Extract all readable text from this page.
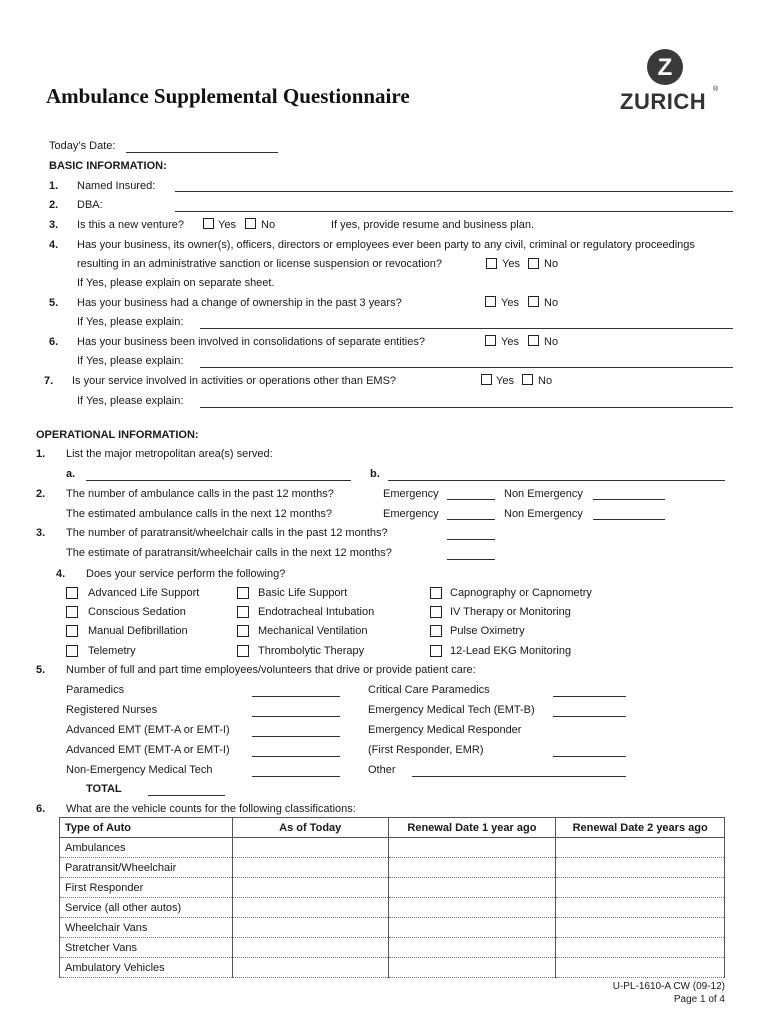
Ambulance Supplemental Questionnaire
Z
ZURICH ®
Today’s Date:
BASIC INFORMATION:
1. Named Insured:
2. DBA:
3. Is this a new venture?	Yes No	If yes, provide resume and business plan.
4. Has your business, its owner(s), officers, directors or employees ever been party to any civil, criminal or regulatory proceedings
resulting in an administrative sanction or license suspension or revocation?	Yes No
If Yes, please explain on separate sheet.
5. Has your business had a change of ownership in the past 3 years?	Yes No
If Yes, please explain:
6. Has your business been involved in consolidations of separate entities?	Yes No
If Yes, please explain:
7. Is your service involved in activities or operations other than EMS?	Yes No
If Yes, please explain:
OPERATIONAL INFORMATION:
1. List the major metropolitan area(s) served:
a.	b.
2. The number of ambulance calls in the past 12 months?	Emergency	Non Emergency
The estimated ambulance calls in the next 12 months?	Emergency	Non Emergency
3. The number of paratransit/wheelchair calls in the past 12 months?
The estimate of paratransit/wheelchair calls in the next 12 months?
4. Does your service perform the following?
Advanced Life Support
Conscious Sedation
Manual Defibrillation
Telemetry
Basic Life Support
Endotracheal Intubation
Mechanical Ventilation
Thrombolytic Therapy
Capnography or Capnometry
IV Therapy or Monitoring
Pulse Oximetry
12-Lead EKG Monitoring
5. Number of full and part time employees/volunteers that drive or provide patient care:
Paramedics
Registered Nurses
Advanced EMT (EMT-A or EMT-I)
Advanced EMT (EMT-A or EMT-I)
Non-Emergency Medical Tech
Critical Care Paramedics
Emergency Medical Tech (EMT-B)
Emergency Medical Responder
(First Responder, EMR)
Other
TOTAL
6. What are the vehicle counts for the following classifications:
Type of Auto	As of Today	Renewal Date 1 year ago	Renewal Date 2 years ago
Ambulances			
Paratransit/Wheelchair			
First Responder			
Service (all other autos)			
Wheelchair Vans			
Stretcher Vans			
Ambulatory Vehicles			
U-PL-1610-A CW (09-12)
Page 1 of 4
